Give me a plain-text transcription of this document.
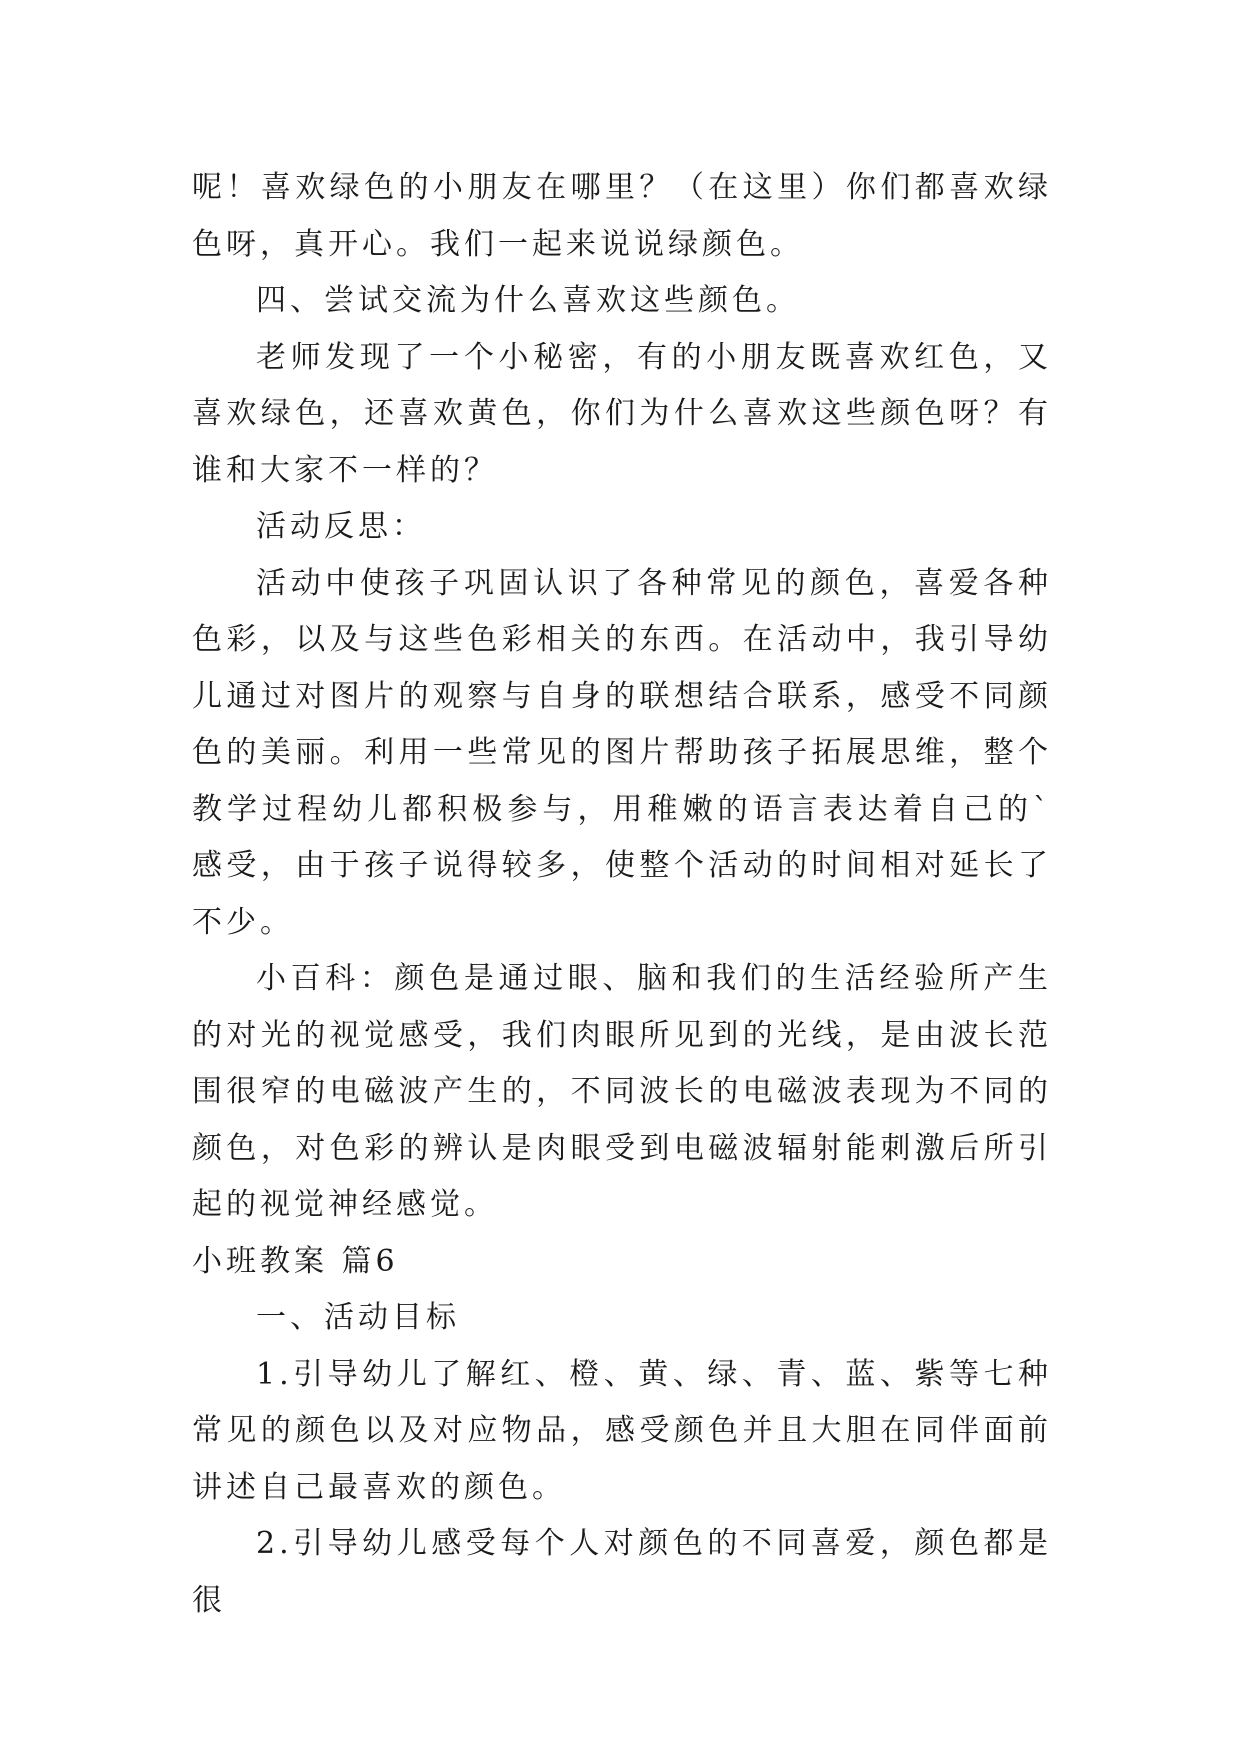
呢！喜欢绿色的小朋友在哪里？（在这里）你们都喜欢绿色呀，真开心。我们一起来说说绿颜色。

四、尝试交流为什么喜欢这些颜色。

老师发现了一个小秘密，有的小朋友既喜欢红色，又喜欢绿色，还喜欢黄色，你们为什么喜欢这些颜色呀？有谁和大家不一样的？

活动反思：

活动中使孩子巩固认识了各种常见的颜色，喜爱各种色彩，以及与这些色彩相关的东西。在活动中，我引导幼儿通过对图片的观察与自身的联想结合联系，感受不同颜色的美丽。利用一些常见的图片帮助孩子拓展思维，整个教学过程幼儿都积极参与，用稚嫩的语言表达着自己的`感受，由于孩子说得较多，使整个活动的时间相对延长了不少。

小百科：颜色是通过眼、脑和我们的生活经验所产生的对光的视觉感受，我们肉眼所见到的光线，是由波长范围很窄的电磁波产生的，不同波长的电磁波表现为不同的颜色，对色彩的辨认是肉眼受到电磁波辐射能刺激后所引起的视觉神经感觉。

小班教案 篇6

一、活动目标

1.引导幼儿了解红、橙、黄、绿、青、蓝、紫等七种常见的颜色以及对应物品，感受颜色并且大胆在同伴面前讲述自己最喜欢的颜色。

2.引导幼儿感受每个人对颜色的不同喜爱，颜色都是很
